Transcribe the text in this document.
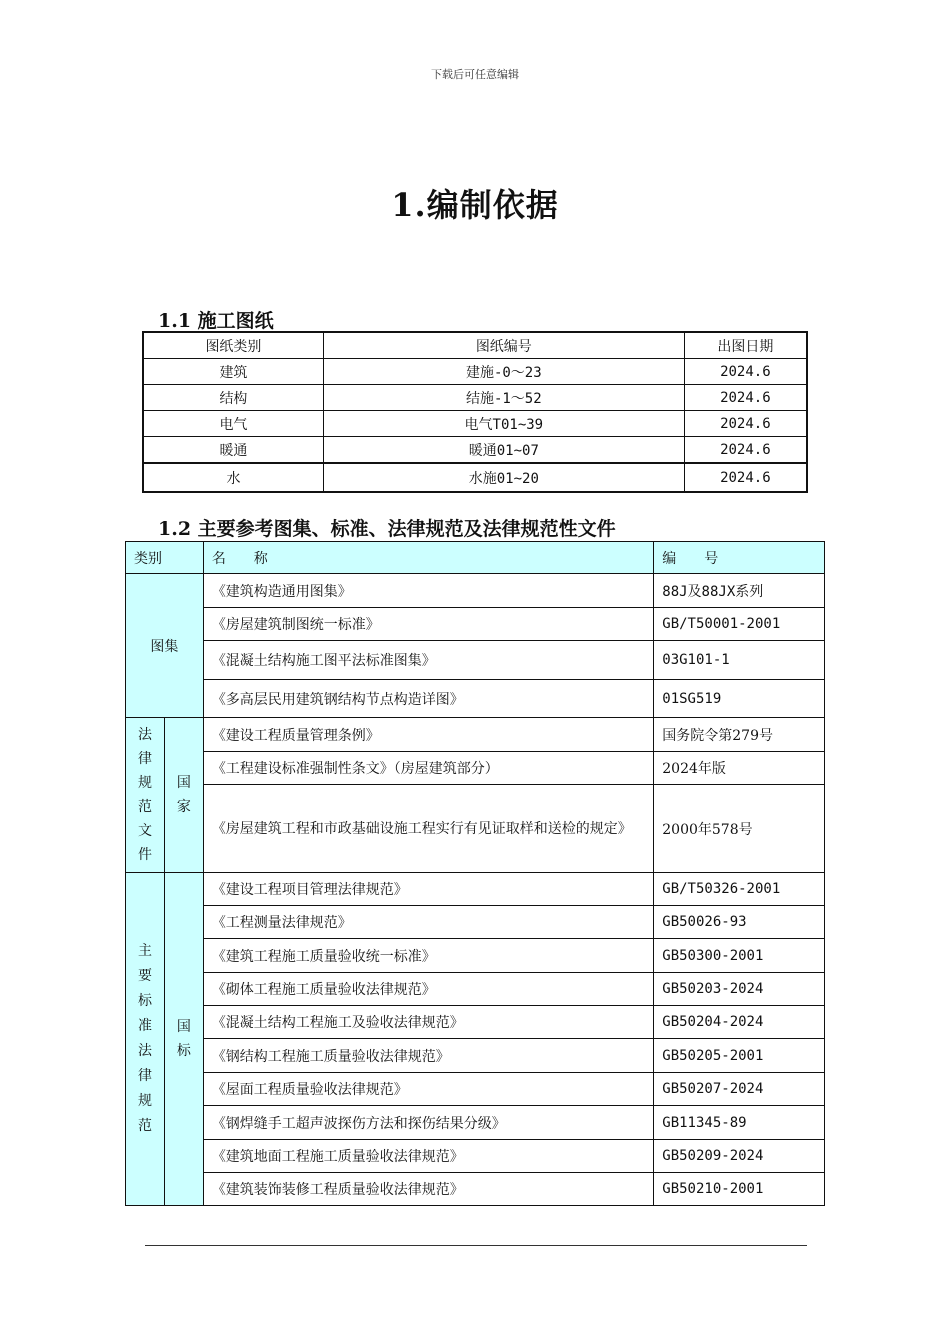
下载后可任意编辑
1.编制依据
1.1 施工图纸
图纸类别	图纸编号	出图日期
建筑	建施-0～23	2024.6
结构	结施-1～52	2024.6
电气	电气T01~39	2024.6
暖通	暖通01~07	2024.6
水	水施01~20	2024.6
1.2 主要参考图集、标准、法律规范及法律规范性文件
类别		名　　称	编　　号
图集		《建筑构造通用图集》	88J及88JX系列
		《房屋建筑制图统一标准》	GB/T50001-2001
		《混凝土结构施工图平法标准图集》	03G101-1
		《多高层民用建筑钢结构节点构造详图》	01SG519

法律规范文件	国家	《建设工程质量管理条例》	国务院令第279号
		《工程建设标准强制性条文》（房屋建筑部分）	2024年版
		《房屋建筑工程和市政基础设施工程实行有见证取样和送检的规定》	2000年578号

主要标准法律规范	国标	《建设工程项目管理法律规范》	GB/T50326-2001
		《工程测量法律规范》	GB50026-93
		《建筑工程施工质量验收统一标准》	GB50300-2001
		《砌体工程施工质量验收法律规范》	GB50203-2024
		《混凝土结构工程施工及验收法律规范》	GB50204-2024
		《钢结构工程施工质量验收法律规范》	GB50205-2001
		《屋面工程质量验收法律规范》	GB50207-2024
		《钢焊缝手工超声波探伤方法和探伤结果分级》	GB11345-89
		《建筑地面工程施工质量验收法律规范》	GB50209-2024
		《建筑装饰装修工程质量验收法律规范》	GB50210-2001
